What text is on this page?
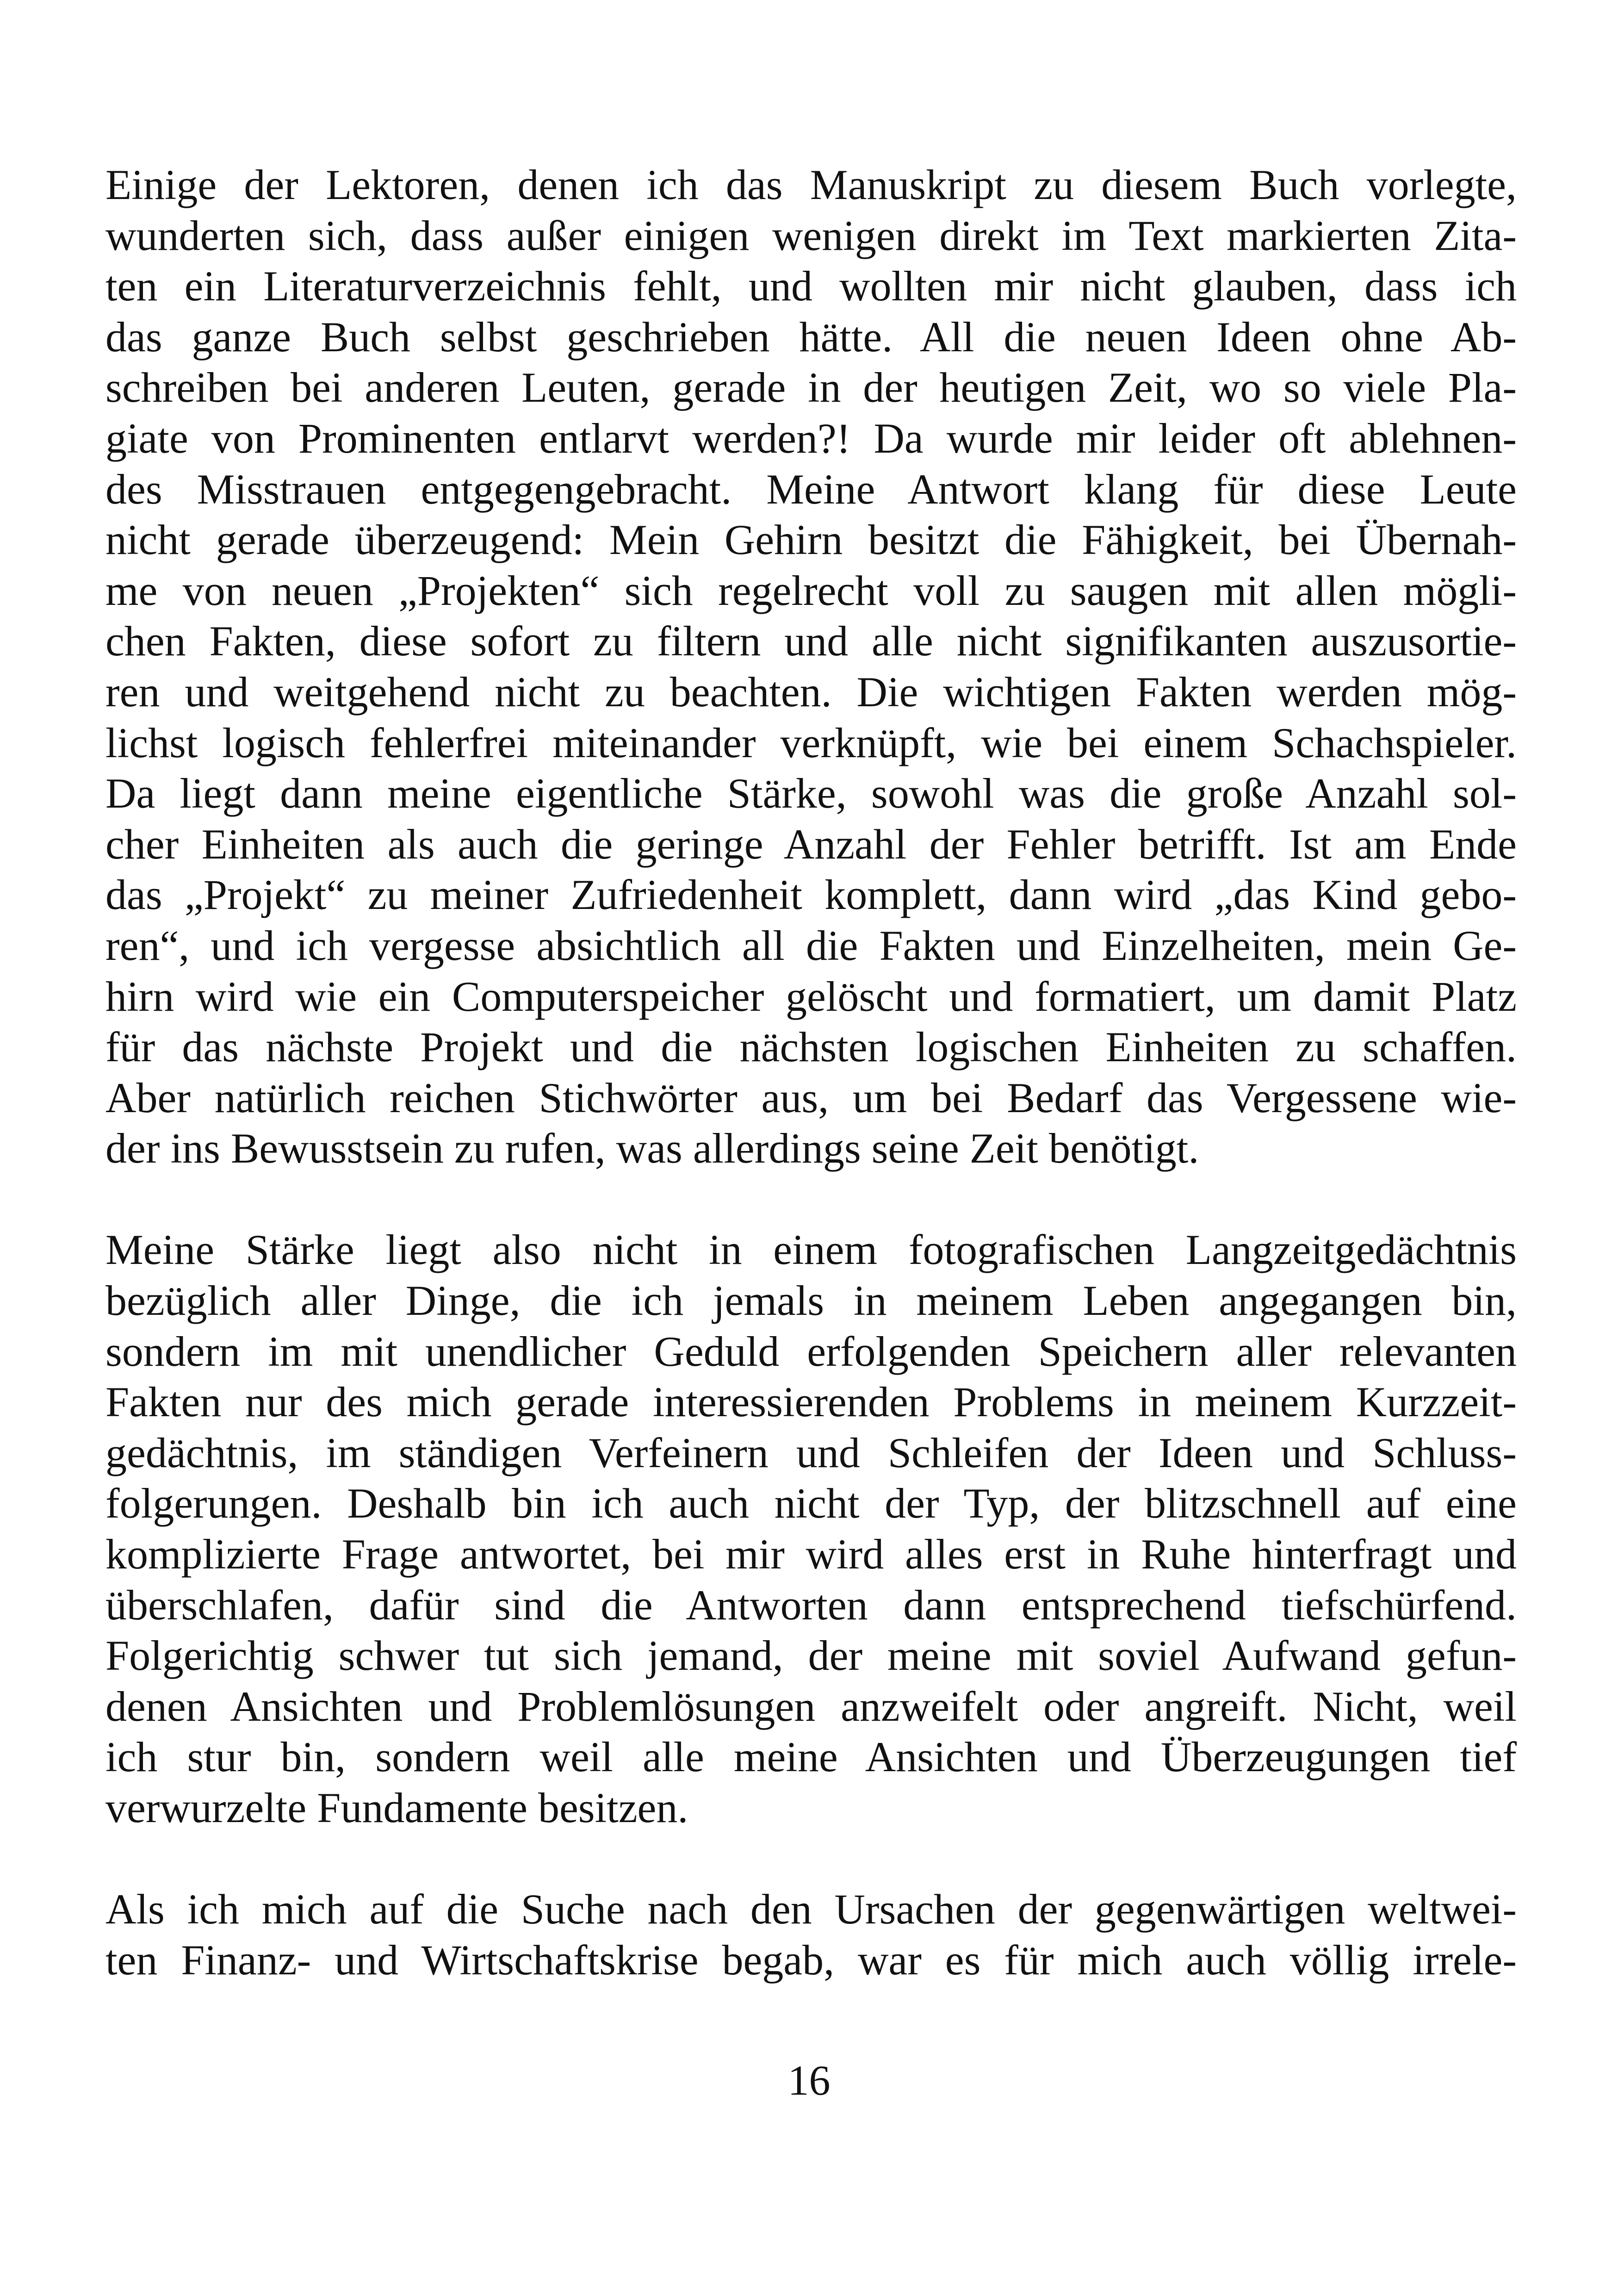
Einige der Lektoren, denen ich das Manuskript zu diesem Buch vorlegte,
wunderten sich, dass außer einigen wenigen direkt im Text markierten Zita-
ten ein Literaturverzeichnis fehlt, und wollten mir nicht glauben, dass ich
das ganze Buch selbst geschrieben hätte. All die neuen Ideen ohne Ab-
schreiben bei anderen Leuten, gerade in der heutigen Zeit, wo so viele Pla-
giate von Prominenten entlarvt werden?! Da wurde mir leider oft ablehnen-
des Misstrauen entgegengebracht. Meine Antwort klang für diese Leute
nicht gerade überzeugend: Mein Gehirn besitzt die Fähigkeit, bei Übernah-
me von neuen „Projekten“ sich regelrecht voll zu saugen mit allen mögli-
chen Fakten, diese sofort zu filtern und alle nicht signifikanten auszusortie-
ren und weitgehend nicht zu beachten. Die wichtigen Fakten werden mög-
lichst logisch fehlerfrei miteinander verknüpft, wie bei einem Schachspieler.
Da liegt dann meine eigentliche Stärke, sowohl was die große Anzahl sol-
cher Einheiten als auch die geringe Anzahl der Fehler betrifft. Ist am Ende
das „Projekt“ zu meiner Zufriedenheit komplett, dann wird „das Kind gebo-
ren“, und ich vergesse absichtlich all die Fakten und Einzelheiten, mein Ge-
hirn wird wie ein Computerspeicher gelöscht und formatiert, um damit Platz
für das nächste Projekt und die nächsten logischen Einheiten zu schaffen.
Aber natürlich reichen Stichwörter aus, um bei Bedarf das Vergessene wie-
der ins Bewusstsein zu rufen, was allerdings seine Zeit benötigt.
Meine Stärke liegt also nicht in einem fotografischen Langzeitgedächtnis
bezüglich aller Dinge, die ich jemals in meinem Leben angegangen bin,
sondern im mit unendlicher Geduld erfolgenden Speichern aller relevanten
Fakten nur des mich gerade interessierenden Problems in meinem Kurzzeit-
gedächtnis, im ständigen Verfeinern und Schleifen der Ideen und Schluss-
folgerungen. Deshalb bin ich auch nicht der Typ, der blitzschnell auf eine
komplizierte Frage antwortet, bei mir wird alles erst in Ruhe hinterfragt und
überschlafen, dafür sind die Antworten dann entsprechend tiefschürfend.
Folgerichtig schwer tut sich jemand, der meine mit soviel Aufwand gefun-
denen Ansichten und Problemlösungen anzweifelt oder angreift. Nicht, weil
ich stur bin, sondern weil alle meine Ansichten und Überzeugungen tief
verwurzelte Fundamente besitzen.
Als ich mich auf die Suche nach den Ursachen der gegenwärtigen weltwei-
ten Finanz- und Wirtschaftskrise begab, war es für mich auch völlig irrele-
16
